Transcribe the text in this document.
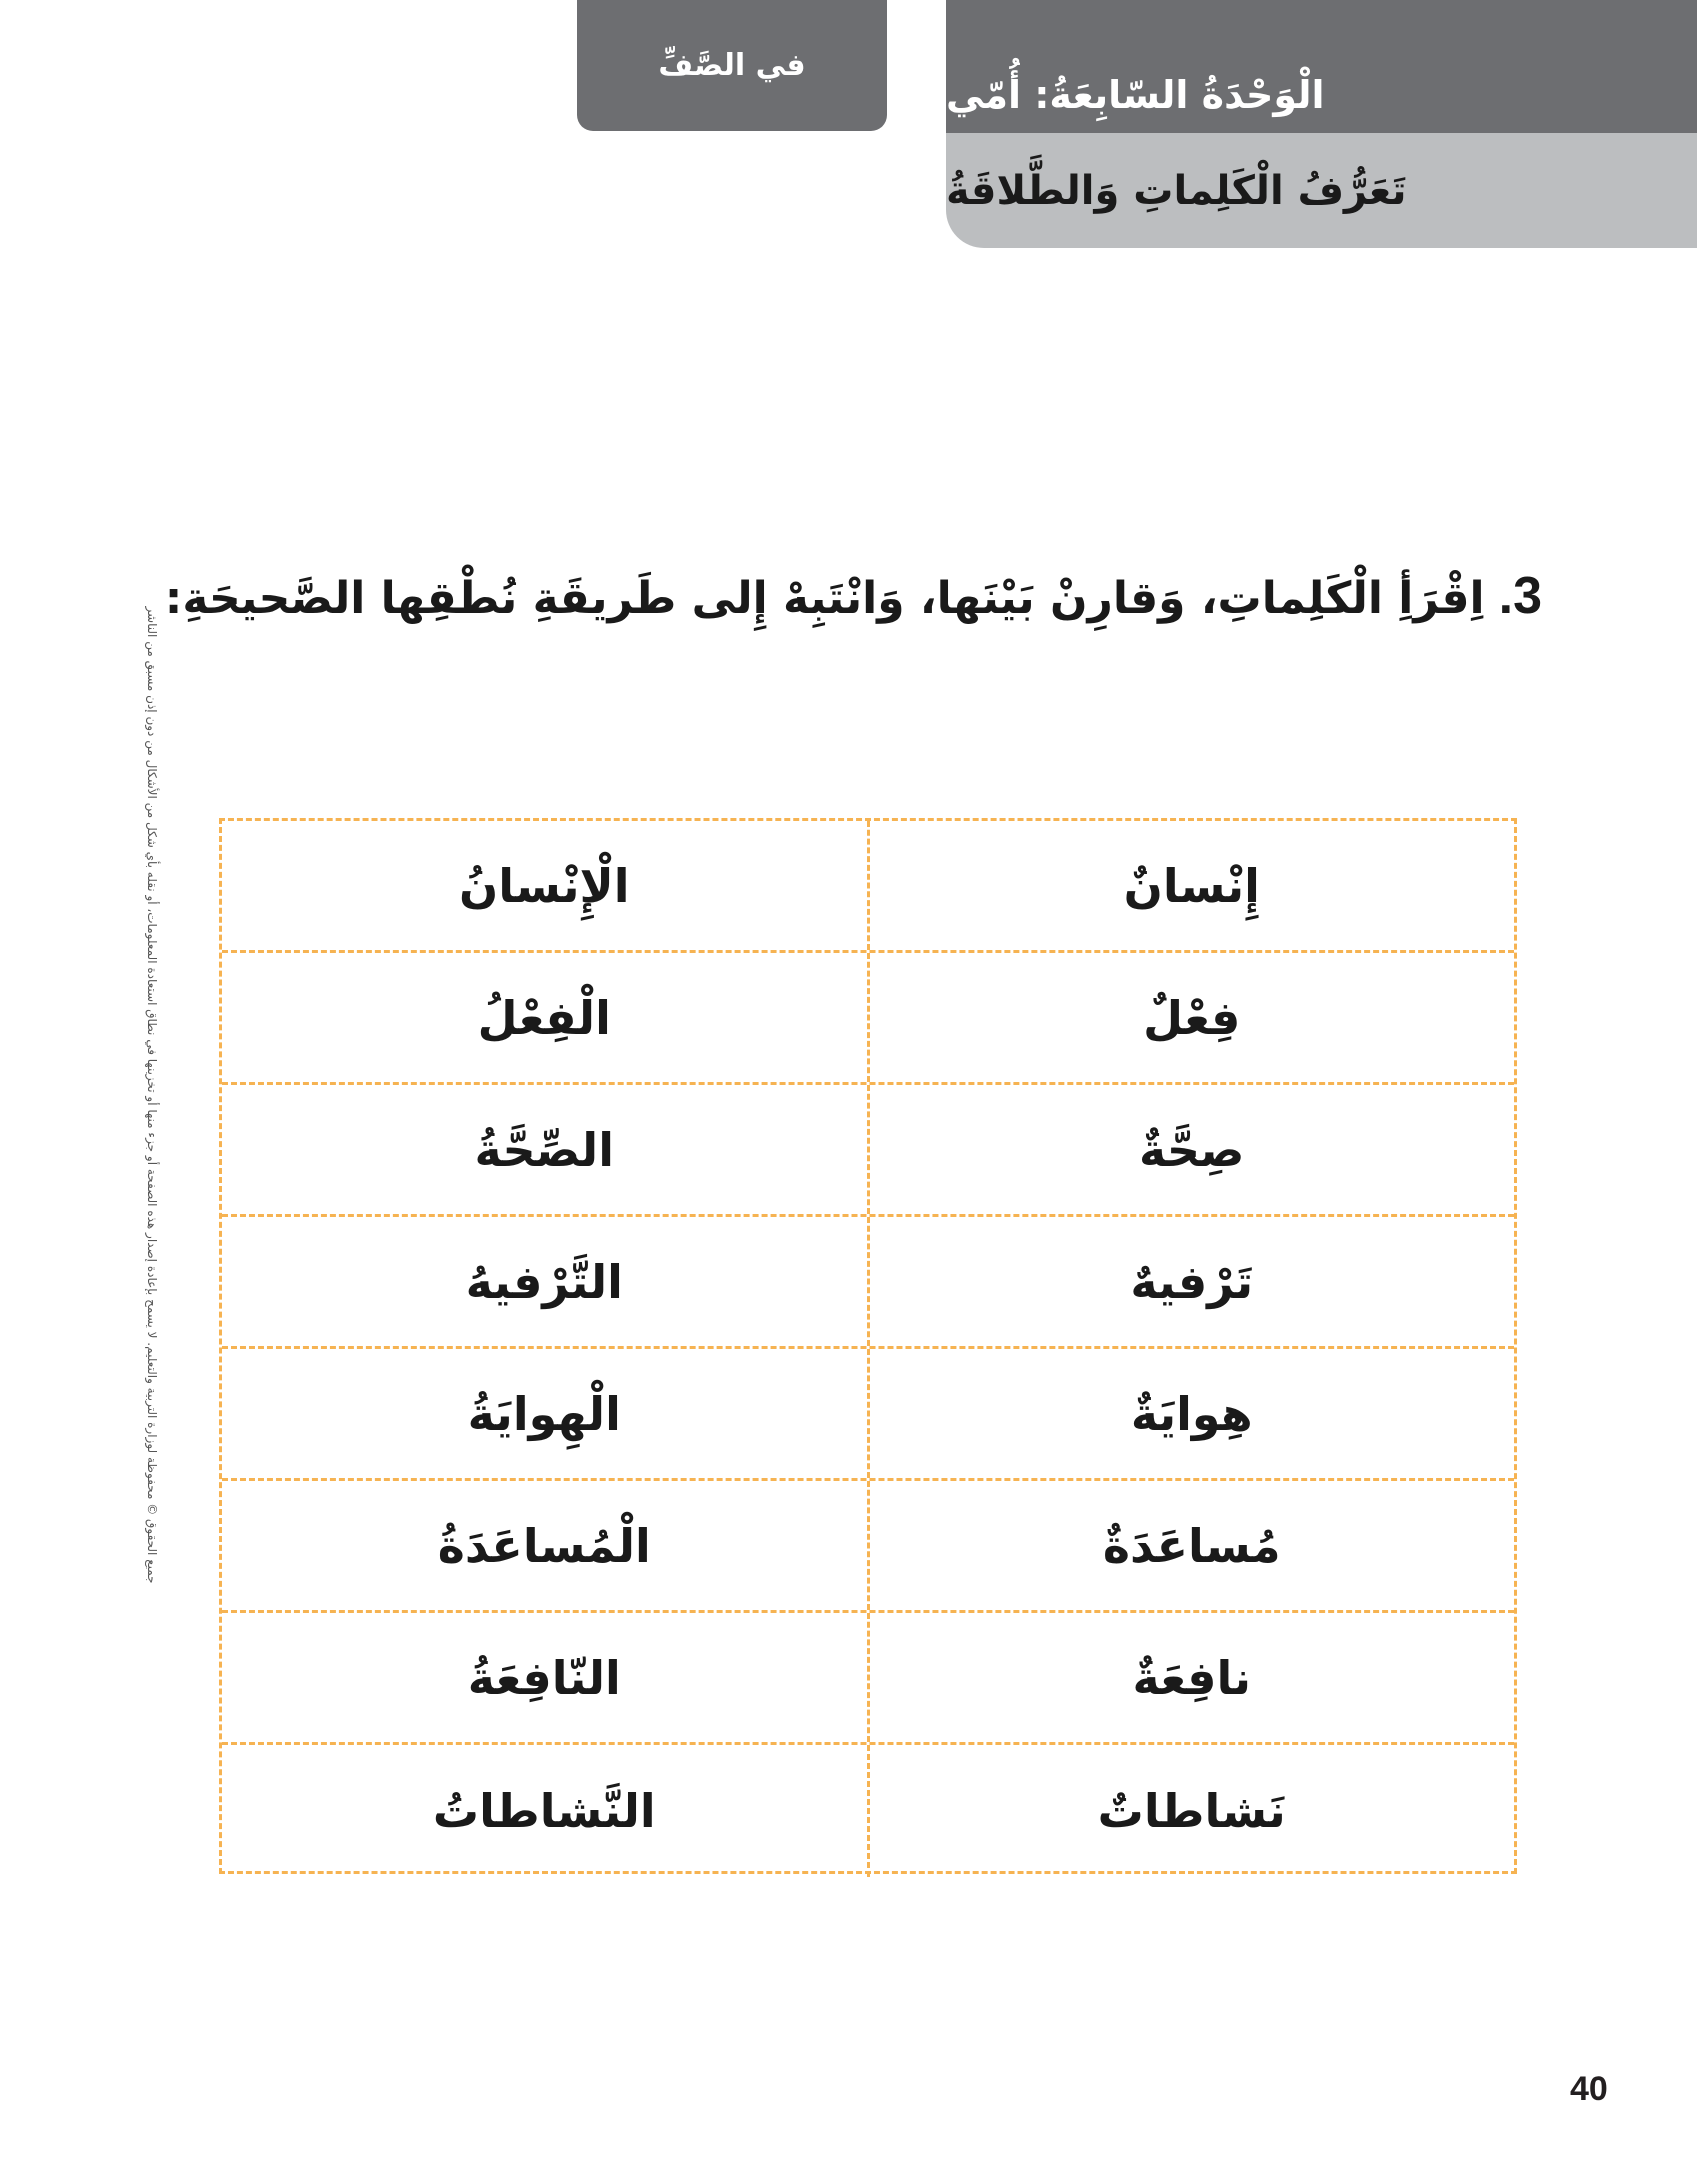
في الصَّفِّ
الْوَحْدَةُ السّابِعَةُ: أُمّي
تَعَرُّفُ الْكَلِماتِ وَالطَّلاقَةُ
جميع الحقوق © محفوظة لوزارة التربية والتعليم. لا يسمح بإعادة إصدار هذه الصفحة أو جزء منها أو تخزينها في نطاق استعادة المعلومات، أو نقله بأي شكل من الأشكال من دون إذن مسبق من الناشر
3.
اِقْرَأِ الْكَلِماتِ، وَقارِنْ بَيْنَها، وَانْتَبِهْ إِلى طَريقَةِ نُطْقِها الصَّحيحَةِ:
إِنْسانٌ
الْإِنْسانُ
فِعْلٌ
الْفِعْلُ
صِحَّةٌ
الصِّحَّةُ
تَرْفيهٌ
التَّرْفيهُ
هِوايَةٌ
الْهِوايَةُ
مُساعَدَةٌ
الْمُساعَدَةُ
نافِعَةٌ
النّافِعَةُ
نَشاطاتٌ
النَّشاطاتُ
40
